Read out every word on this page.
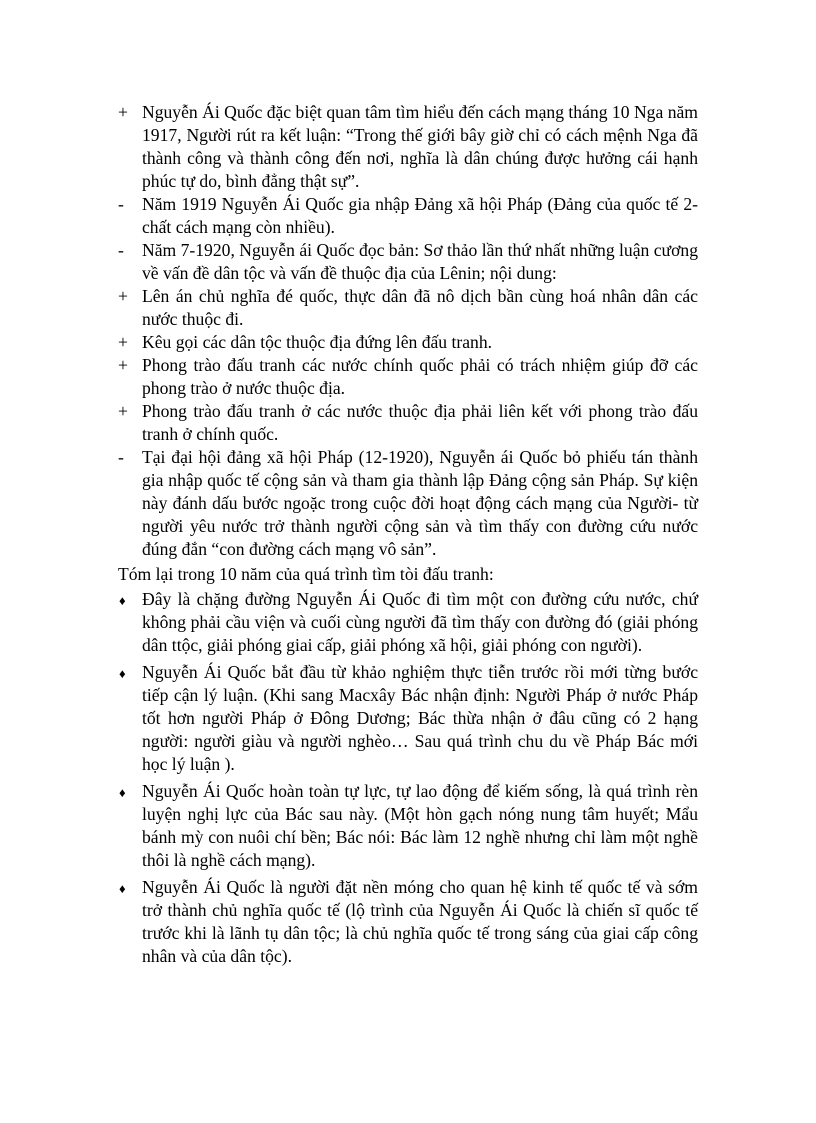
+ Nguyễn Ái Quốc đặc biệt quan tâm tìm hiểu đến cách mạng tháng 10 Nga năm 1917, Người rút ra kết luận: “Trong thế giới bây giờ chỉ có cách mệnh Nga đã thành công và thành công đến nơi, nghĩa là dân chúng được hưởng cái hạnh phúc tự do, bình đẳng thật sự”.
-	Năm 1919 Nguyễn Ái Quốc gia nhập Đảng xã hội Pháp (Đảng của quốc tế 2- chất cách mạng còn nhiều).
-	Năm 7-1920, Nguyễn ái Quốc đọc bản: Sơ thảo lần thứ nhất những luận cương về vấn đề dân tộc và vấn đề thuộc địa của Lênin; nội dung:
+ Lên án chủ nghĩa đé quốc, thực dân đã nô dịch bần cùng hoá nhân dân các nước thuộc đi.
+ Kêu gọi các dân tộc thuộc địa đứng lên đấu tranh.
+ Phong trào đấu tranh các nước chính quốc phải có trách nhiệm giúp đỡ các phong trào ở nước thuộc địa.
+ Phong trào đấu tranh ở các nước thuộc địa phải liên kết với phong trào đấu tranh ở chính quốc.
-	Tại đại hội đảng xã hội Pháp (12-1920), Nguyễn ái Quốc bỏ phiếu tán thành gia nhập quốc tế cộng sản và tham gia thành lập Đảng cộng sản Pháp. Sự kiện này đánh dấu bước ngoặc trong cuộc đời hoạt động cách mạng của Người- từ người yêu nước trở thành người cộng sản và tìm thấy con đường cứu nước đúng đắn “con đường cách mạng vô sản”.
Tóm lại trong 10 năm của quá trình tìm tòi đấu tranh:
♦ Đây là chặng đường Nguyễn Ái Quốc đi tìm một con đường cứu nước, chứ không phải cầu viện và cuối cùng người đã tìm thấy con đường đó (giải phóng dân ttộc, giải phóng giai cấp, giải phóng xã hội, giải phóng con người).
♦ Nguyễn Ái Quốc bắt đầu từ khảo nghiệm thực tiễn trước rồi mới từng bước tiếp cận lý luận. (Khi sang Macxây Bác nhận định: Người Pháp ở nước Pháp tốt hơn người Pháp ở Đông Dương; Bác thừa nhận ở đâu cũng có 2 hạng người: người giàu và người nghèo… Sau quá trình chu du về Pháp Bác mới học lý luận ).
♦ Nguyễn Ái Quốc hoàn toàn tự lực, tự lao động để kiếm sống, là quá trình rèn luyện nghị lực của Bác sau này. (Một hòn gạch nóng nung tâm huyết; Mẩu bánh mỳ con nuôi chí bền; Bác nói: Bác làm 12 nghề nhưng chỉ làm một nghề thôi là nghề cách mạng).
♦ Nguyễn Ái Quốc là người đặt nền móng cho quan hệ kinh tế quốc tế và sớm trở thành chủ nghĩa quốc tế (lộ trình của Nguyễn Ái Quốc là chiến sĩ quốc tế trước khi là lãnh tụ dân tộc; là chủ nghĩa quốc tế trong sáng của giai cấp công nhân và của dân tộc).
